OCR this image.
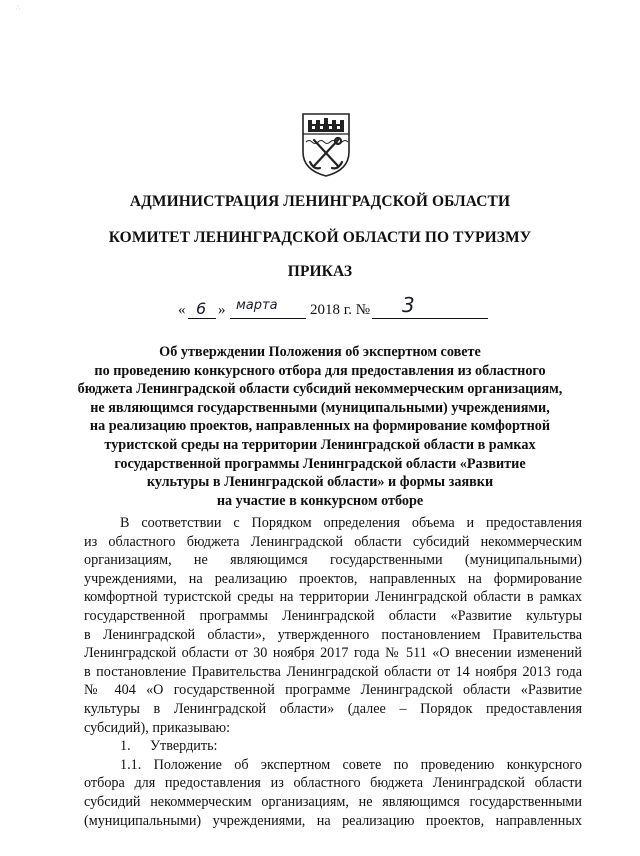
∴
АДМИНИСТРАЦИЯ ЛЕНИНГРАДСКОЙ ОБЛАСТИ
КОМИТЕТ ЛЕНИНГРАДСКОЙ ОБЛАСТИ ПО ТУРИЗМУ
ПРИКАЗ
« 6 » марта 2018 г. № 3
Об утверждении Положения об экспертном совете
по проведению конкурсного отбора для предоставления из областного
бюджета Ленинградской области субсидий некоммерческим организациям,
не являющимся государственными (муниципальными) учреждениями,
на реализацию проектов, направленных на формирование комфортной
туристской среды на территории Ленинградской области в рамках
государственной программы Ленинградской области «Развитие
культуры в Ленинградской области» и формы заявки
на участие в конкурсном отборе
В соответствии с Порядком определения объема и предоставления
из областного бюджета Ленинградской области субсидий некоммерческим
организациям, не являющимся государственными (муниципальными)
учреждениями, на реализацию проектов, направленных на формирование
комфортной туристской среды на территории Ленинградской области в рамках
государственной программы Ленинградской области «Развитие культуры
в Ленинградской области», утвержденного постановлением Правительства
Ленинградской области от 30 ноября 2017 года № 511 «О внесении изменений
в постановление Правительства Ленинградской области от 14 ноября 2013 года
№ 404 «О государственной программе Ленинградской области «Развитие
культуры в Ленинградской области» (далее – Порядок предоставления
субсидий), приказываю:
1. Утвердить:
1.1. Положение об экспертном совете по проведению конкурсного
отбора для предоставления из областного бюджета Ленинградской области
субсидий некоммерческим организациям, не являющимся государственными
(муниципальными) учреждениями, на реализацию проектов, направленных
